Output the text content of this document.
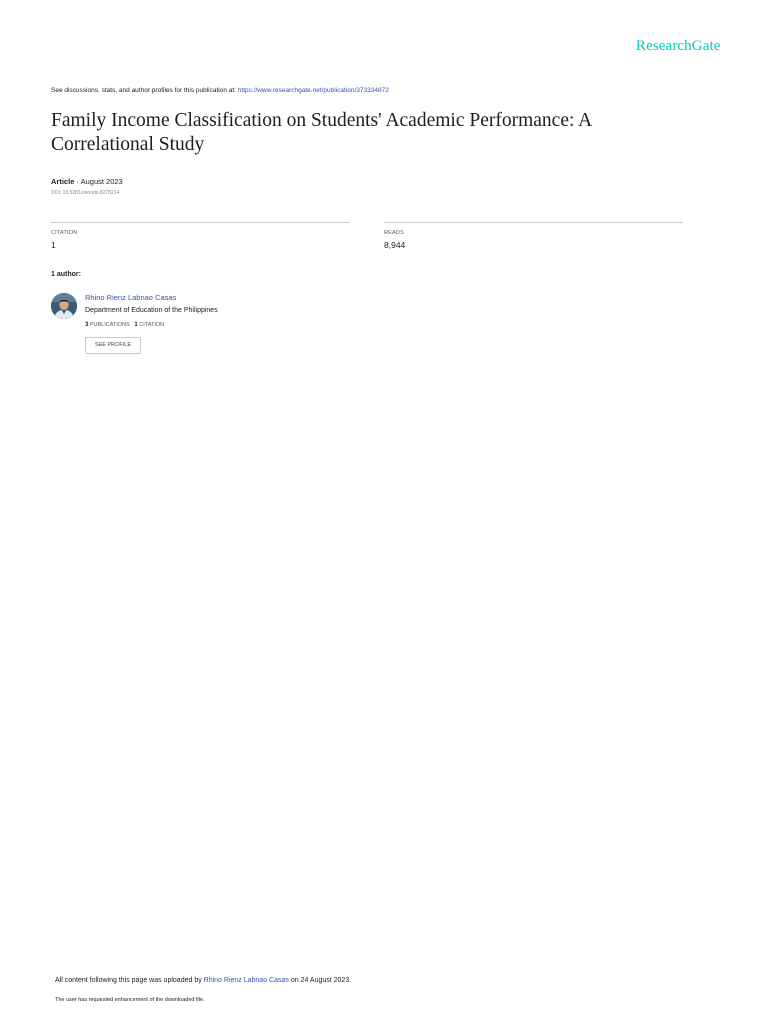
ResearchGate
See discussions, stats, and author profiles for this publication at: https://www.researchgate.net/publication/373334872
Family Income Classification on Students' Academic Performance: A Correlational Study
Article · August 2023
DOI: 10.5281/zenodo.8278214
CITATION
1
READS
8,944
1 author:
Rhino Rienz Labnao Casas
Department of Education of the Philippines
3 PUBLICATIONS 1 CITATION
SEE PROFILE
All content following this page was uploaded by Rhino Rienz Labnao Casas on 24 August 2023.
The user has requested enhancement of the downloaded file.
